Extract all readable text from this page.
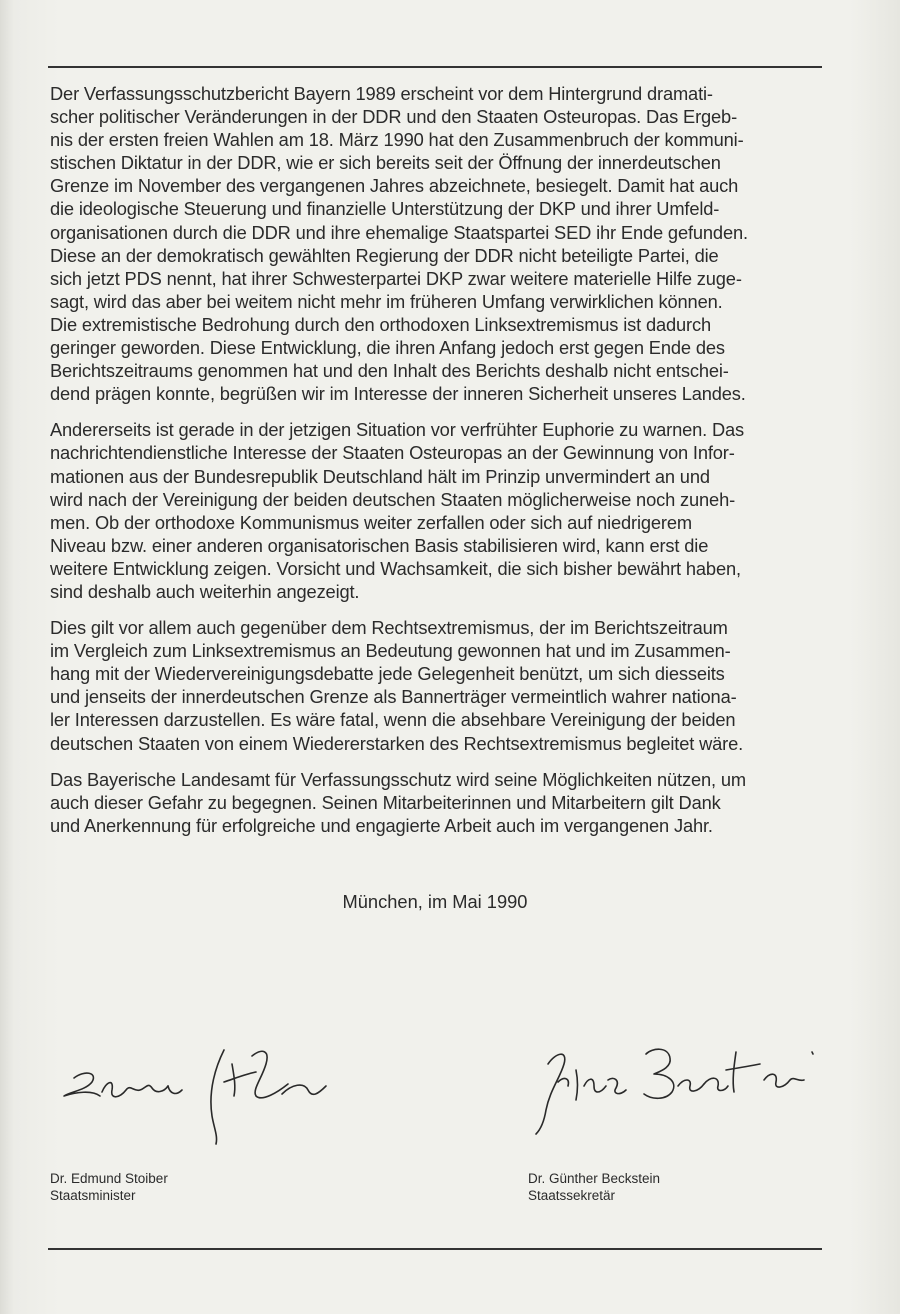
Der Verfassungsschutzbericht Bayern 1989 erscheint vor dem Hintergrund dramati-
scher politischer Veränderungen in der DDR und den Staaten Osteuropas. Das Ergeb-
nis der ersten freien Wahlen am 18. März 1990 hat den Zusammenbruch der kommuni-
stischen Diktatur in der DDR, wie er sich bereits seit der Öffnung der innerdeutschen
Grenze im November des vergangenen Jahres abzeichnete, besiegelt. Damit hat auch
die ideologische Steuerung und finanzielle Unterstützung der DKP und ihrer Umfeld-
organisationen durch die DDR und ihre ehemalige Staatspartei SED ihr Ende gefunden.
Diese an der demokratisch gewählten Regierung der DDR nicht beteiligte Partei, die
sich jetzt PDS nennt, hat ihrer Schwesterpartei DKP zwar weitere materielle Hilfe zuge-
sagt, wird das aber bei weitem nicht mehr im früheren Umfang verwirklichen können.
Die extremistische Bedrohung durch den orthodoxen Linksextremismus ist dadurch
geringer geworden. Diese Entwicklung, die ihren Anfang jedoch erst gegen Ende des
Berichtszeitraums genommen hat und den Inhalt des Berichts deshalb nicht entschei-
dend prägen konnte, begrüßen wir im Interesse der inneren Sicherheit unseres Landes.

Andererseits ist gerade in der jetzigen Situation vor verfrühter Euphorie zu warnen. Das
nachrichtendienstliche Interesse der Staaten Osteuropas an der Gewinnung von Infor-
mationen aus der Bundesrepublik Deutschland hält im Prinzip unvermindert an und
wird nach der Vereinigung der beiden deutschen Staaten möglicherweise noch zuneh-
men. Ob der orthodoxe Kommunismus weiter zerfallen oder sich auf niedrigerem
Niveau bzw. einer anderen organisatorischen Basis stabilisieren wird, kann erst die
weitere Entwicklung zeigen. Vorsicht und Wachsamkeit, die sich bisher bewährt haben,
sind deshalb auch weiterhin angezeigt.

Dies gilt vor allem auch gegenüber dem Rechtsextremismus, der im Berichtszeitraum
im Vergleich zum Linksextremismus an Bedeutung gewonnen hat und im Zusammen-
hang mit der Wiedervereinigungsdebatte jede Gelegenheit benützt, um sich diesseits
und jenseits der innerdeutschen Grenze als Bannerträger vermeintlich wahrer nationa-
ler Interessen darzustellen. Es wäre fatal, wenn die absehbare Vereinigung der beiden
deutschen Staaten von einem Wiedererstarken des Rechtsextremismus begleitet wäre.

Das Bayerische Landesamt für Verfassungsschutz wird seine Möglichkeiten nützen, um
auch dieser Gefahr zu begegnen. Seinen Mitarbeiterinnen und Mitarbeitern gilt Dank
und Anerkennung für erfolgreiche und engagierte Arbeit auch im vergangenen Jahr.

München, im Mai 1990
Dr. Edmund Stoiber
Staatsminister
Dr. Günther Beckstein
Staatssekretär
